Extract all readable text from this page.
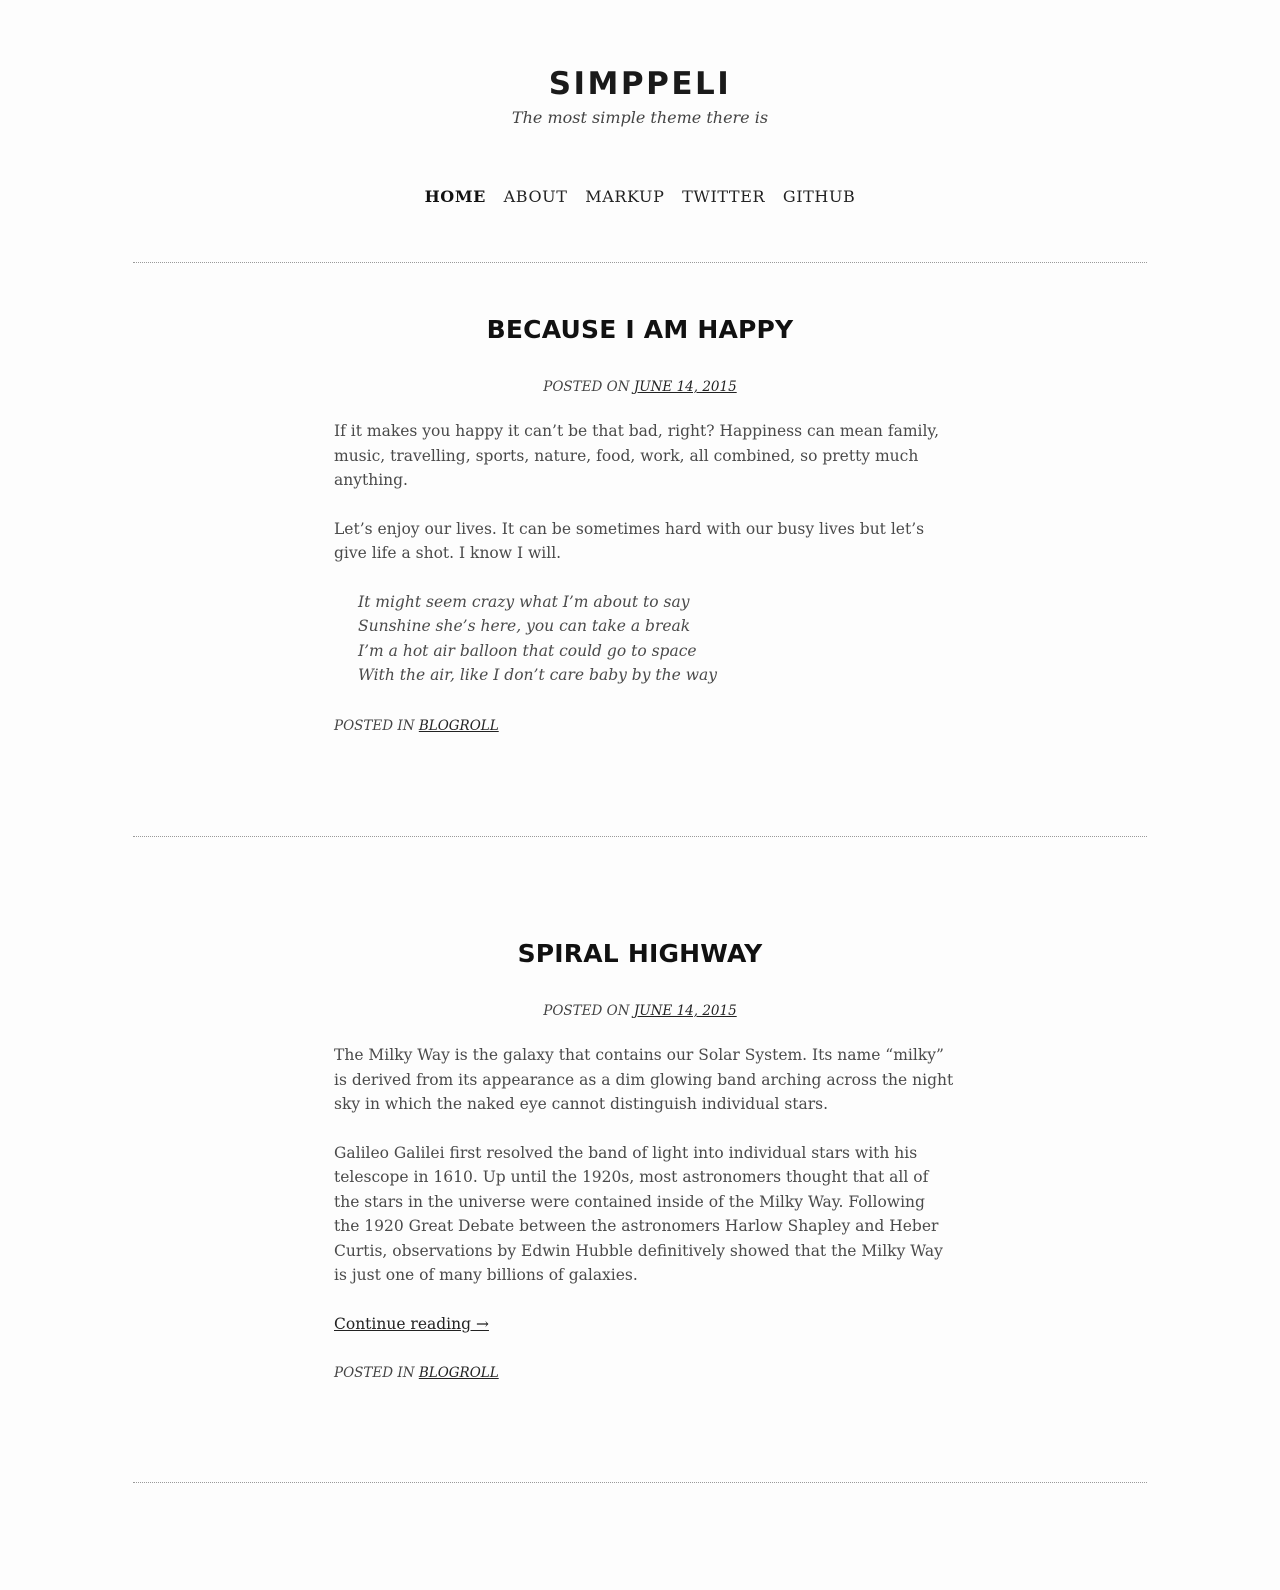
SIMPPELI
The most simple theme there is
HOME ABOUT MARKUP TWITTER GITHUB
BECAUSE I AM HAPPY
POSTED ON JUNE 14, 2015

If it makes you happy it can’t be that bad, right? Happiness can mean family, music, travelling, sports, nature, food, work, all combined, so pretty much anything.

Let’s enjoy our lives. It can be sometimes hard with our busy lives but let’s give life a shot. I know I will.

It might seem crazy what I’m about to say
Sunshine she’s here, you can take a break
I’m a hot air balloon that could go to space
With the air, like I don’t care baby by the way
POSTED IN BLOGROLL
SPIRAL HIGHWAY
POSTED ON JUNE 14, 2015

The Milky Way is the galaxy that contains our Solar System. Its name “milky” is derived from its appearance as a dim glowing band arching across the night sky in which the naked eye cannot distinguish individual stars.

Galileo Galilei first resolved the band of light into individual stars with his telescope in 1610. Up until the 1920s, most astronomers thought that all of the stars in the universe were contained inside of the Milky Way. Following the 1920 Great Debate between the astronomers Harlow Shapley and Heber Curtis, observations by Edwin Hubble definitively showed that the Milky Way is just one of many billions of galaxies.

Continue reading →

POSTED IN BLOGROLL
